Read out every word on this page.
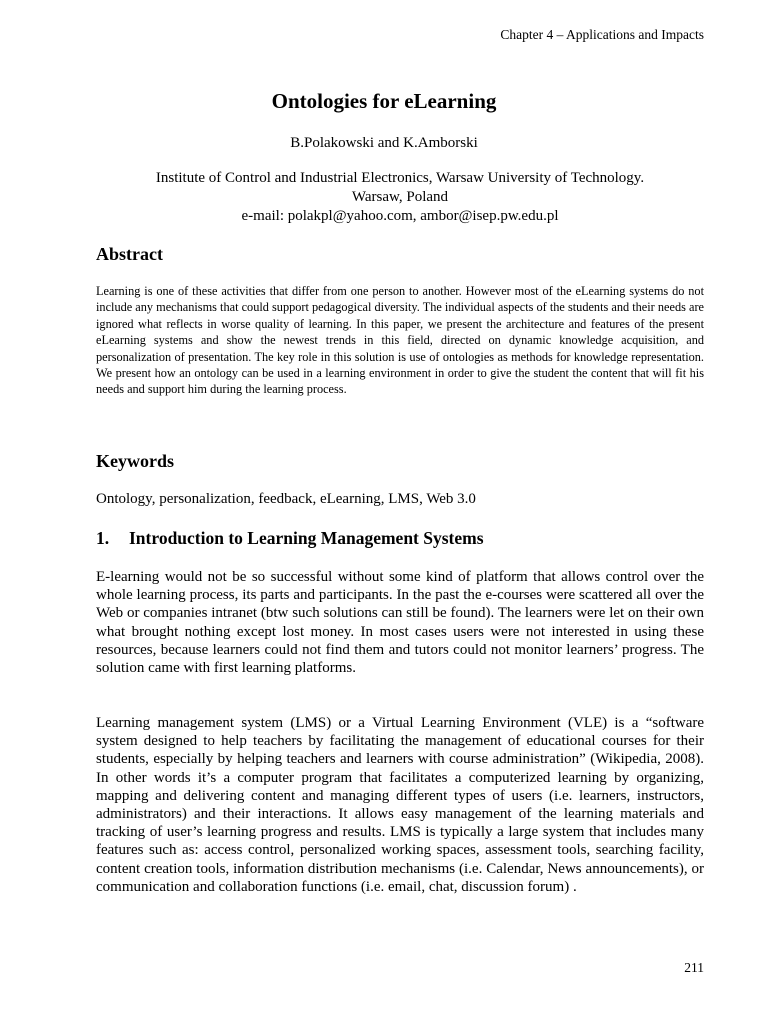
Chapter 4 – Applications and Impacts
Ontologies for eLearning
B.Polakowski and K.Amborski
Institute of Control and Industrial Electronics, Warsaw University of Technology.
Warsaw, Poland
e-mail: polakpl@yahoo.com, ambor@isep.pw.edu.pl
Abstract
Learning is one of these activities that differ from one person to another. However most of the eLearning systems do not include any mechanisms that could support pedagogical diversity. The individual aspects of the students and their needs are ignored what reflects in worse quality of learning. In this paper, we present the architecture and features of the present eLearning systems and show the newest trends in this field, directed on dynamic knowledge acquisition, and personalization of presentation. The key role in this solution is use of ontologies as methods for knowledge representation. We present how an ontology can be used in a learning environment in order to give the student the content that will fit his needs and support him during the learning process.
Keywords
Ontology, personalization, feedback, eLearning, LMS, Web 3.0
1. Introduction to Learning Management Systems
E-learning would not be so successful without some kind of platform that allows control over the whole learning process, its parts and participants. In the past the e-courses were scattered all over the Web or companies intranet (btw such solutions can still be found). The learners were let on their own what brought nothing except lost money. In most cases users were not interested in using these resources, because learners could not find them and tutors could not monitor learners’ progress. The solution came with first learning platforms.
Learning management system (LMS) or a Virtual Learning Environment (VLE) is a “software system designed to help teachers by facilitating the management of educational courses for their students, especially by helping teachers and learners with course administration” (Wikipedia, 2008). In other words it’s a computer program that facilitates a computerized learning by organizing, mapping and delivering content and managing different types of users (i.e. learners, instructors, administrators) and their interactions. It allows easy management of the learning materials and tracking of user’s learning progress and results. LMS is typically a large system that includes many features such as: access control, personalized working spaces, assessment tools, searching facility, content creation tools, information distribution mechanisms (i.e. Calendar, News announcements), or communication and collaboration functions (i.e. email, chat, discussion forum) .
211
